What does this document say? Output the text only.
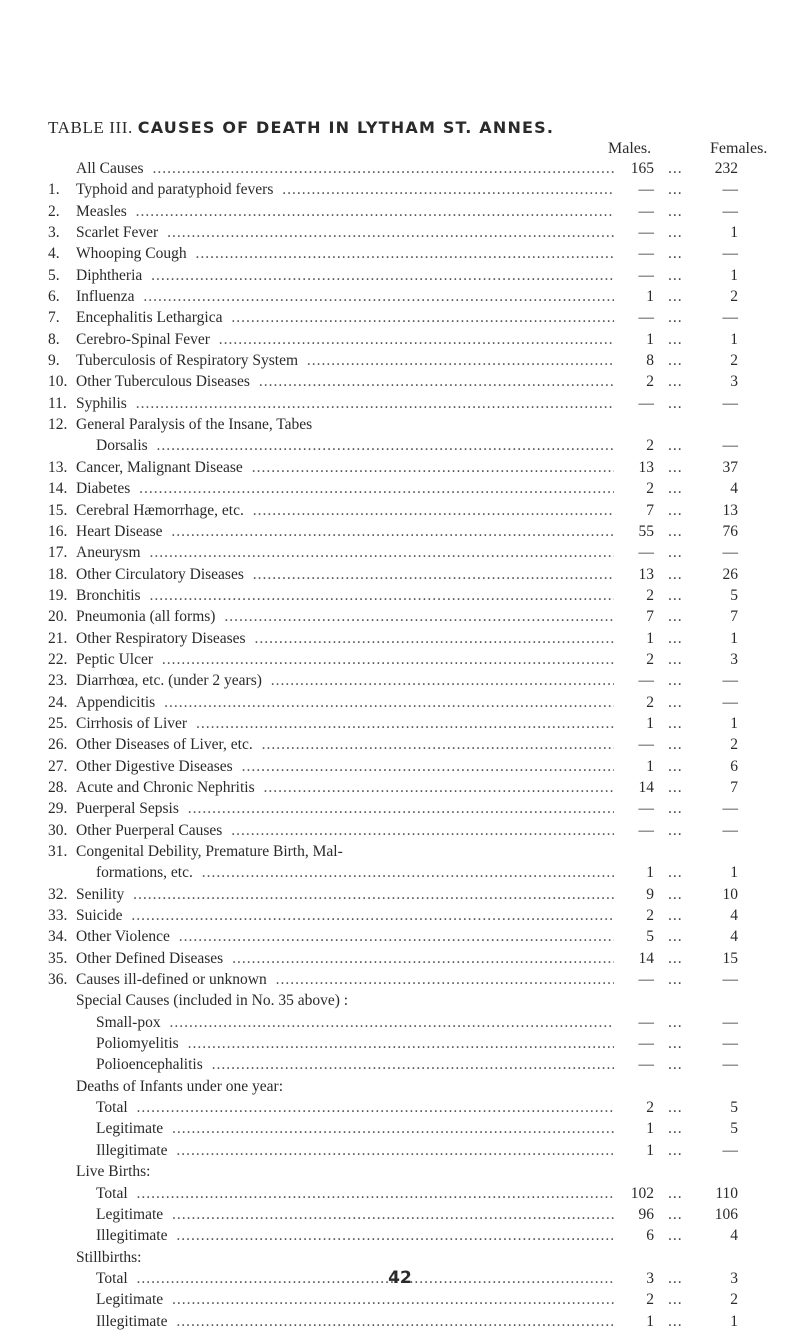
TABLE III. CAUSES OF DEATH IN LYTHAM ST. ANNES.
Males.	Females.
All Causes .....	165 ...	232
1.	Typhoid and paratyphoid fevers .....	— ...	—
2.	Measles .....	— ...	—
3.	Scarlet Fever .....	— ...	1
4.	Whooping Cough .....	— ...	—
5.	Diphtheria .....	— ...	1
6.	Influenza .....	1 ...	2
7.	Encephalitis Lethargica .....	— ...	—
8.	Cerebro-Spinal Fever .....	1 ...	1
9.	Tuberculosis of Respiratory System .....	8 ...	2
10. Other Tuberculous Diseases .....	2 ...	3
11. Syphilis .....	— ...	—
12. General Paralysis of the Insane, Tabes
Dorsalis .....	2 ...	—
13. Cancer, Malignant Disease .....	13 ...	37
14. Diabetes .....	2 ...	4
15. Cerebral Hæmorrhage, etc. .....	7 ...	13
16. Heart Disease .....	55 ...	76
17. Aneurysm .....	— ...	—
18. Other Circulatory Diseases .....	13 ...	26
19. Bronchitis .....	2 ...	5
20. Pneumonia (all forms) .....	7 ...	7
21. Other Respiratory Diseases .....	1 ...	1
22. Peptic Ulcer .....	2 ...	3
23. Diarrhœa, etc. (under 2 years) .....	— ...	—
24. Appendicitis .....	2 ...	—
25. Cirrhosis of Liver .....	1 ...	1
26. Other Diseases of Liver, etc. .....	— ...	2
27. Other Digestive Diseases .....	1 ...	6
28. Acute and Chronic Nephritis .....	14 ...	7
29. Puerperal Sepsis .....	— ...	—
30. Other Puerperal Causes .....	— ...	—
31. Congenital Debility, Premature Birth, Mal-
formations, etc. .....	1 ...	1
32. Senility .....	9 ...	10
33. Suicide .....	2 ...	4
34. Other Violence .....	5 ...	4
35. Other Defined Diseases .....	14 ...	15
36. Causes ill-defined or unknown .....	— ...	—
Special Causes (included in No. 35 above) :
Small-pox .....	— ...	—
Poliomyelitis .....	— ...	—
Polioencephalitis .....	— ...	—
Deaths of Infants under one year:
Total .....	2 ...	5
Legitimate .....	1 ...	5
Illegitimate .....	1 ...	—
Live Births:
Total .....	102 ...	110
Legitimate .....	96 ...	106
Illegitimate .....	6 ...	4
Stillbirths:
Total .....	3 ...	3
Legitimate .....	2 ...	2
Illegitimate .....	1 ...	1
42
